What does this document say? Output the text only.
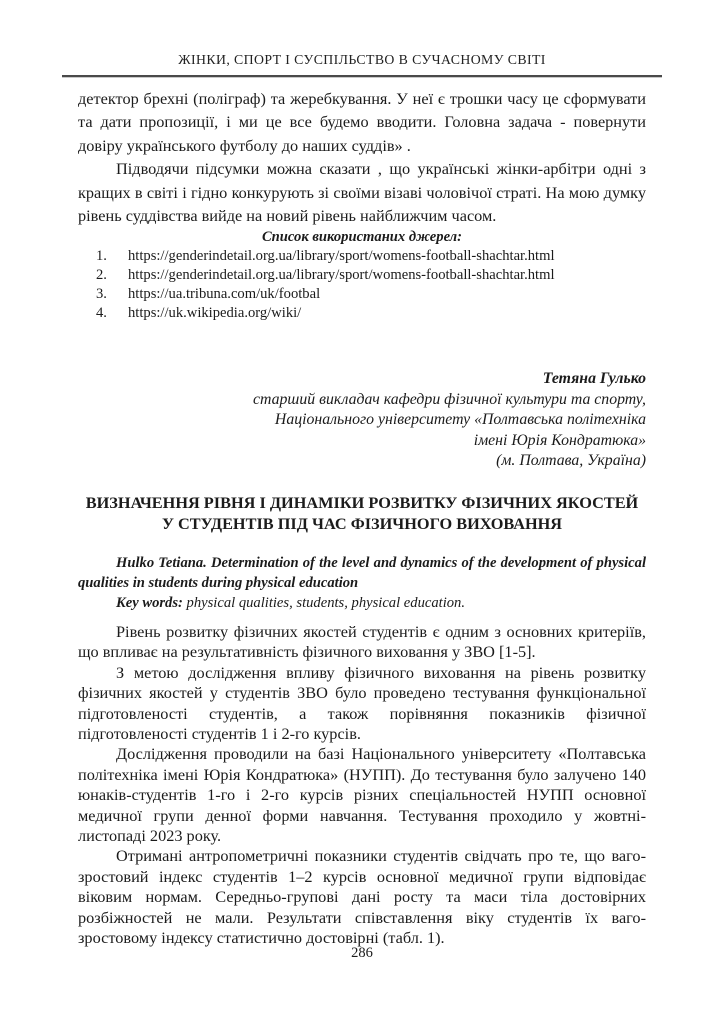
ЖІНКИ, СПОРТ І СУСПІЛЬСТВО В СУЧАСНОМУ СВІТІ

детектор брехні (поліграф) та жеребкування. У неї є трошки часу це сформувати та дати пропозиції, і ми це все будемо вводити. Головна задача - повернути довіру українського футболу до наших суддів» .

Підводячи підсумки можна сказати , що українські жінки-арбітри одні з кращих в світі і гідно конкурують зі своїми візаві чоловічої страті. На мою думку рівень суддівства вийде на новий рівень найближчим часом.

Список використаних джерел:
1.	https://genderindetail.org.ua/library/sport/womens-football-shachtar.html
2.	https://genderindetail.org.ua/library/sport/womens-football-shachtar.html
3.	https://ua.tribuna.com/uk/footbal
4.	https://uk.wikipedia.org/wiki/
Тетяна Гулько
старший викладач кафедри фізичної культури та спорту,
Національного університету «Полтавська політехніка
імені Юрія Кондратюка»
(м. Полтава, Україна)
ВИЗНАЧЕННЯ РІВНЯ І ДИНАМІКИ РОЗВИТКУ ФІЗИЧНИХ ЯКОСТЕЙ У СТУДЕНТІВ ПІД ЧАС ФІЗИЧНОГО ВИХОВАННЯ

Hulko Tetiana. Determination of the level and dynamics of the development of physical qualities in students during physical education

Key words: physical qualities, students, physical education.

Рівень розвитку фізичних якостей студентів є одним з основних критеріїв, що впливає на результативність фізичного виховання у ЗВО [1-5].

З метою дослідження впливу фізичного виховання на рівень розвитку фізичних якостей у студентів ЗВО було проведено тестування функціональної підготовленості студентів, а також порівняння показників фізичної підготовленості студентів 1 і 2-го курсів.

Дослідження проводили на базі Національного університету «Полтавська політехніка імені Юрія Кондратюка» (НУПП). До тестування було залучено 140 юнаків-студентів 1-го і 2-го курсів різних спеціальностей НУПП основної медичної групи денної форми навчання. Тестування проходило у жовтні-листопаді 2023 року.

Отримані антропометричні показники студентів свідчать про те, що ваго-зростовий індекс студентів 1–2 курсів основної медичної групи відповідає віковим нормам. Середньо-групові дані росту та маси тіла достовірних розбіжностей не мали. Результати співставлення віку студентів їх ваго-зростовому індексу статистично достовірні (табл. 1).

286
